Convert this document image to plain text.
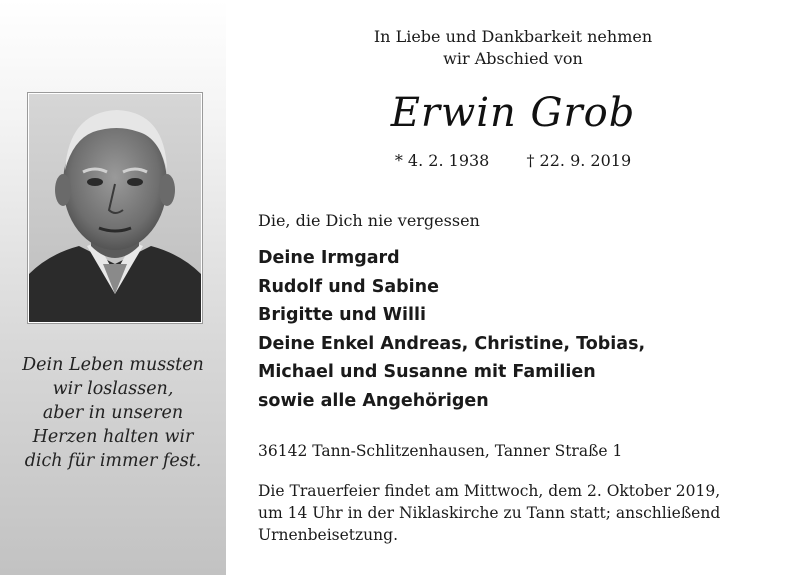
Dein Leben mussten
wir loslassen,
aber in unseren
Herzen halten wir
dich für immer fest.
In Liebe und Dankbarkeit nehmen
wir Abschied von
Erwin Grob
* 4. 2. 1938 † 22. 9. 2019
Die, die Dich nie vergessen
Deine Irmgard
Rudolf und Sabine
Brigitte und Willi
Deine Enkel Andreas, Christine, Tobias,
Michael und Susanne mit Familien
sowie alle Angehörigen
36142 Tann-Schlitzenhausen, Tanner Straße 1
Die Trauerfeier findet am Mittwoch, dem 2. Oktober 2019,
um 14 Uhr in der Niklaskirche zu Tann statt; anschließend
Urnenbeisetzung.
